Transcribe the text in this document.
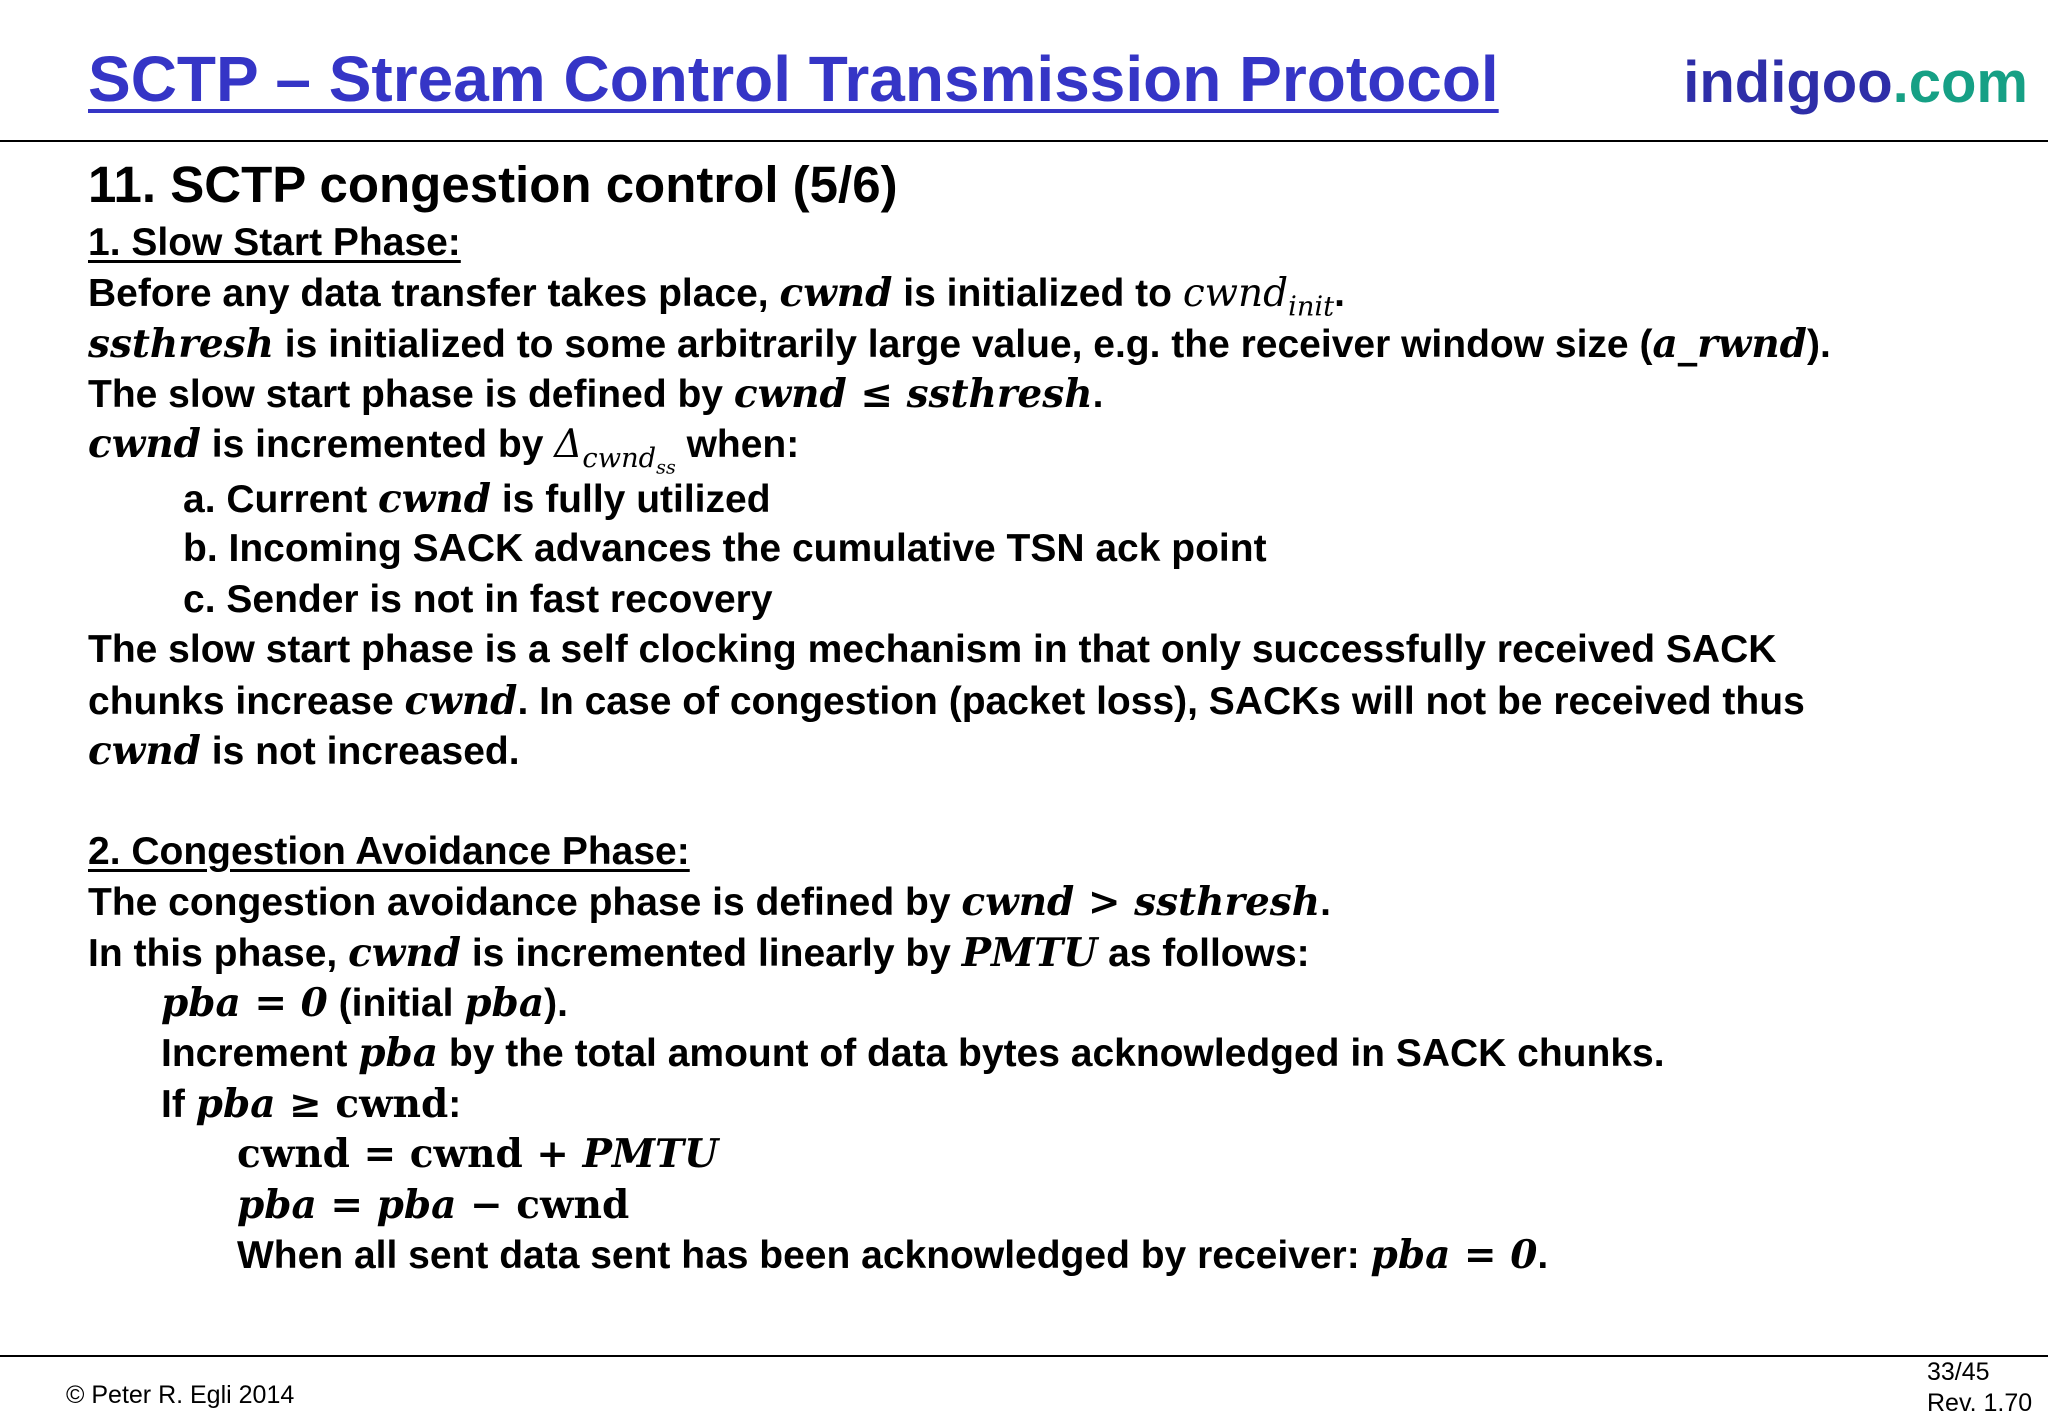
SCTP – Stream Control Transmission Protocol	indigoo.com
11. SCTP congestion control (5/6)
1. Slow Start Phase:
Before any data transfer takes place, cwnd is initialized to cwnd$_{init}$.
ssthresh is initialized to some arbitrarily large value, e.g. the receiver window size (a_rwnd).
The slow start phase is defined by cwnd ≤ ssthresh.
cwnd is incremented by $\Delta_{cwnd_{ss}}$ when:
a. Current cwnd is fully utilized
b. Incoming SACK advances the cumulative TSN ack point
c. Sender is not in fast recovery
The slow start phase is a self clocking mechanism in that only successfully received SACK
chunks increase cwnd. In case of congestion (packet loss), SACKs will not be received thus
cwnd is not increased.
2. Congestion Avoidance Phase:
The congestion avoidance phase is defined by cwnd > ssthresh.
In this phase, cwnd is incremented linearly by PMTU as follows:
pba = 0 (initial pba).
Increment pba by the total amount of data bytes acknowledged in SACK chunks.
If pba ≥ cwnd:
cwnd = cwnd + PMTU
pba = pba − cwnd
When all sent data sent has been acknowledged by receiver: pba = 0.
© Peter R. Egli 2014
33/45
Rev. 1.70
